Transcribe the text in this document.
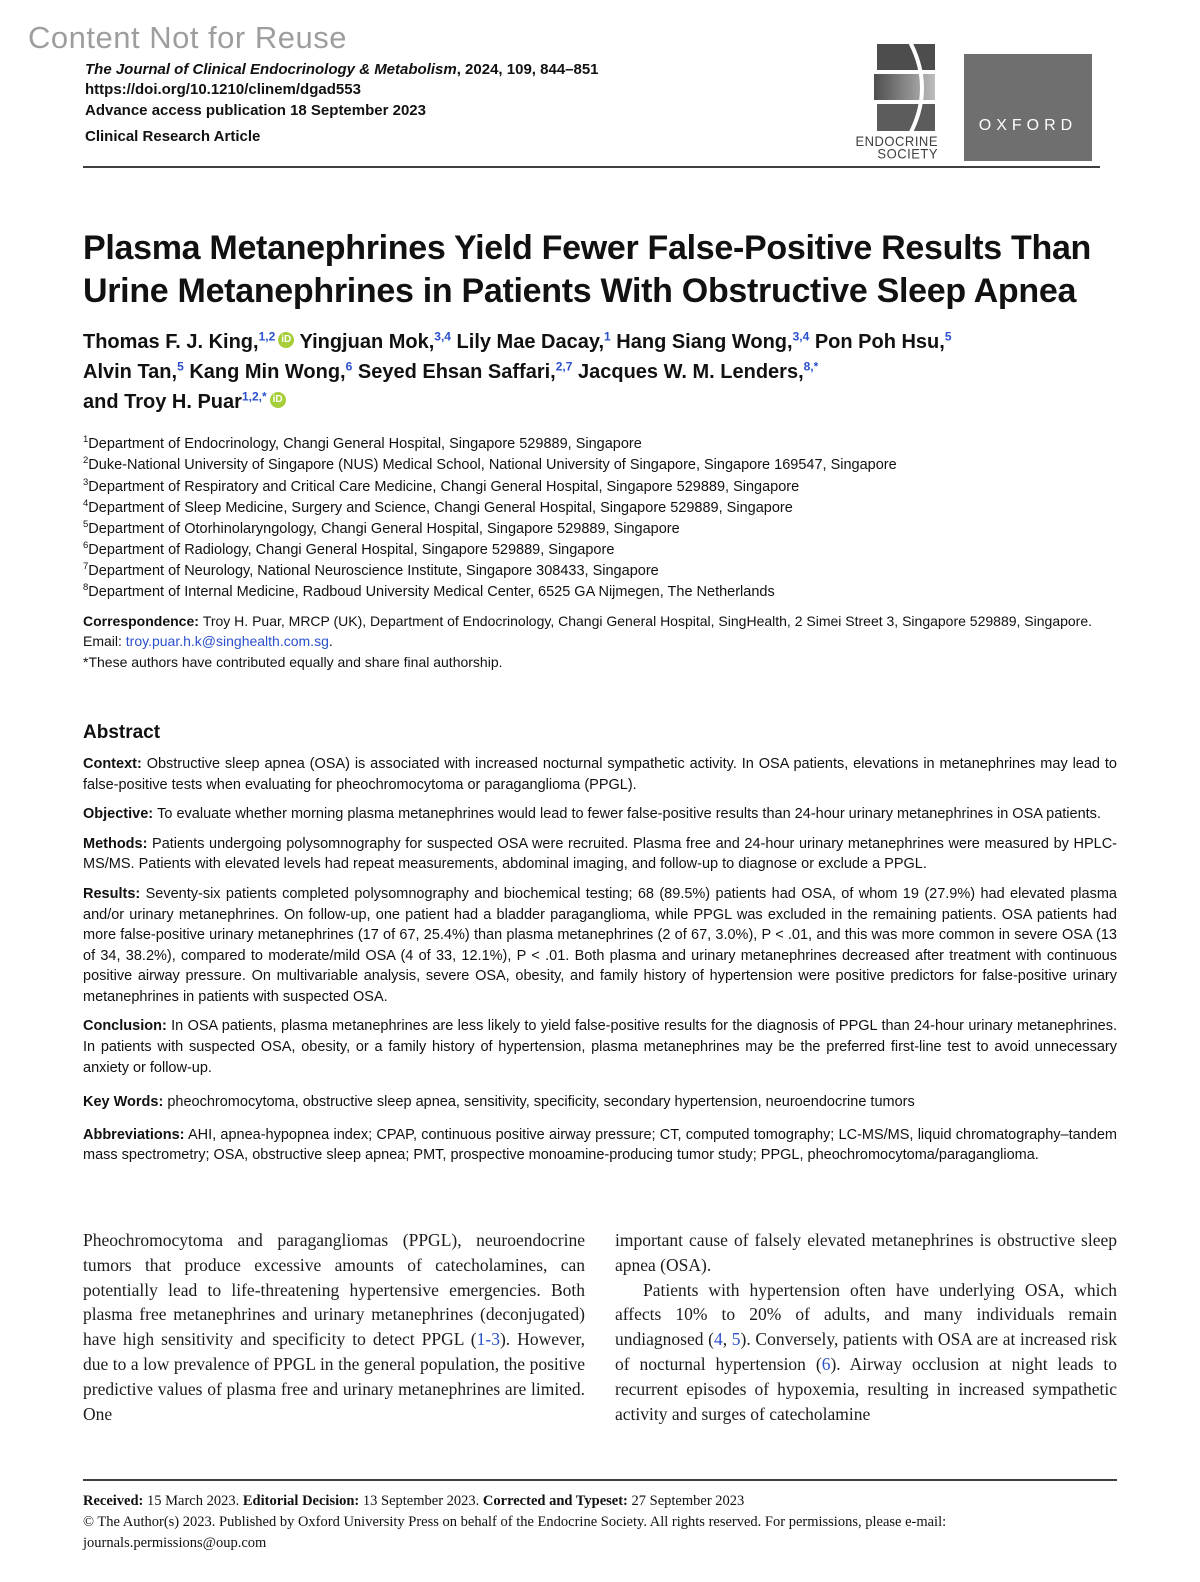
Content Not for Reuse
The Journal of Clinical Endocrinology & Metabolism, 2024, 109, 844–851
https://doi.org/10.1210/clinem/dgad553
Advance access publication 18 September 2023
Clinical Research Article	ENDOCRINE
SOCIETY
OXFORD
Plasma Metanephrines Yield Fewer False-Positive Results Than Urine Metanephrines in Patients With Obstructive Sleep Apnea
Thomas F. J. King,$^{1,2}$ iD Yingjuan Mok,$^{3,4}$ Lily Mae Dacay,$^1$ Hang Siang Wong,$^{3,4}$ Pon Poh Hsu,$^5$
Alvin Tan,$^5$ Kang Min Wong,$^6$ Seyed Ehsan Saffari,$^{2,7}$ Jacques W. M. Lenders,$^{8,*}$
and Troy H. Puar$^{1,2,*}$ iD
$^1$Department of Endocrinology, Changi General Hospital, Singapore 529889, Singapore
$^2$Duke-National University of Singapore (NUS) Medical School, National University of Singapore, Singapore 169547, Singapore
$^3$Department of Respiratory and Critical Care Medicine, Changi General Hospital, Singapore 529889, Singapore
$^4$Department of Sleep Medicine, Surgery and Science, Changi General Hospital, Singapore 529889, Singapore
$^5$Department of Otorhinolaryngology, Changi General Hospital, Singapore 529889, Singapore
$^6$Department of Radiology, Changi General Hospital, Singapore 529889, Singapore
$^7$Department of Neurology, National Neuroscience Institute, Singapore 308433, Singapore
$^8$Department of Internal Medicine, Radboud University Medical Center, 6525 GA Nijmegen, The Netherlands
Correspondence: Troy H. Puar, MRCP (UK), Department of Endocrinology, Changi General Hospital, SingHealth, 2 Simei Street 3, Singapore 529889, Singapore. Email: troy.puar.h.k@singhealth.com.sg.
*These authors have contributed equally and share final authorship.
Abstract

Context: Obstructive sleep apnea (OSA) is associated with increased nocturnal sympathetic activity. In OSA patients, elevations in metanephrines may lead to false-positive tests when evaluating for pheochromocytoma or paraganglioma (PPGL).

Objective: To evaluate whether morning plasma metanephrines would lead to fewer false-positive results than 24-hour urinary metanephrines in OSA patients.

Methods: Patients undergoing polysomnography for suspected OSA were recruited. Plasma free and 24-hour urinary metanephrines were measured by HPLC-MS/MS. Patients with elevated levels had repeat measurements, abdominal imaging, and follow-up to diagnose or exclude a PPGL.

Results: Seventy-six patients completed polysomnography and biochemical testing; 68 (89.5%) patients had OSA, of whom 19 (27.9%) had elevated plasma and/or urinary metanephrines. On follow-up, one patient had a bladder paraganglioma, while PPGL was excluded in the remaining patients. OSA patients had more false-positive urinary metanephrines (17 of 67, 25.4%) than plasma metanephrines (2 of 67, 3.0%), P < .01, and this was more common in severe OSA (13 of 34, 38.2%), compared to moderate/mild OSA (4 of 33, 12.1%), P < .01. Both plasma and urinary metanephrines decreased after treatment with continuous positive airway pressure. On multivariable analysis, severe OSA, obesity, and family history of hypertension were positive predictors for false-positive urinary metanephrines in patients with suspected OSA.

Conclusion: In OSA patients, plasma metanephrines are less likely to yield false-positive results for the diagnosis of PPGL than 24-hour urinary metanephrines. In patients with suspected OSA, obesity, or a family history of hypertension, plasma metanephrines may be the preferred first-line test to avoid unnecessary anxiety or follow-up.

Key Words: pheochromocytoma, obstructive sleep apnea, sensitivity, specificity, secondary hypertension, neuroendocrine tumors
Abbreviations: AHI, apnea-hypopnea index; CPAP, continuous positive airway pressure; CT, computed tomography; LC-MS/MS, liquid chromatography–tandem mass spectrometry; OSA, obstructive sleep apnea; PMT, prospective monoamine-producing tumor study; PPGL, pheochromocytoma/paraganglioma.

Pheochromocytoma and paragangliomas (PPGL), neuroendocrine tumors that produce excessive amounts of catecholamines, can potentially lead to life-threatening hypertensive emergencies. Both plasma free metanephrines and urinary metanephrines (deconjugated) have high sensitivity and specificity to detect PPGL (1-3). However, due to a low prevalence of PPGL in the general population, the positive predictive values of plasma free and urinary metanephrines are limited. One

important cause of falsely elevated metanephrines is obstructive sleep apnea (OSA).

Patients with hypertension often have underlying OSA, which affects 10% to 20% of adults, and many individuals remain undiagnosed (4, 5). Conversely, patients with OSA are at increased risk of nocturnal hypertension (6). Airway occlusion at night leads to recurrent episodes of hypoxemia, resulting in increased sympathetic activity and surges of catecholamine

Received: 15 March 2023. Editorial Decision: 13 September 2023. Corrected and Typeset: 27 September 2023
© The Author(s) 2023. Published by Oxford University Press on behalf of the Endocrine Society. All rights reserved. For permissions, please e-mail: journals.permissions@oup.com
